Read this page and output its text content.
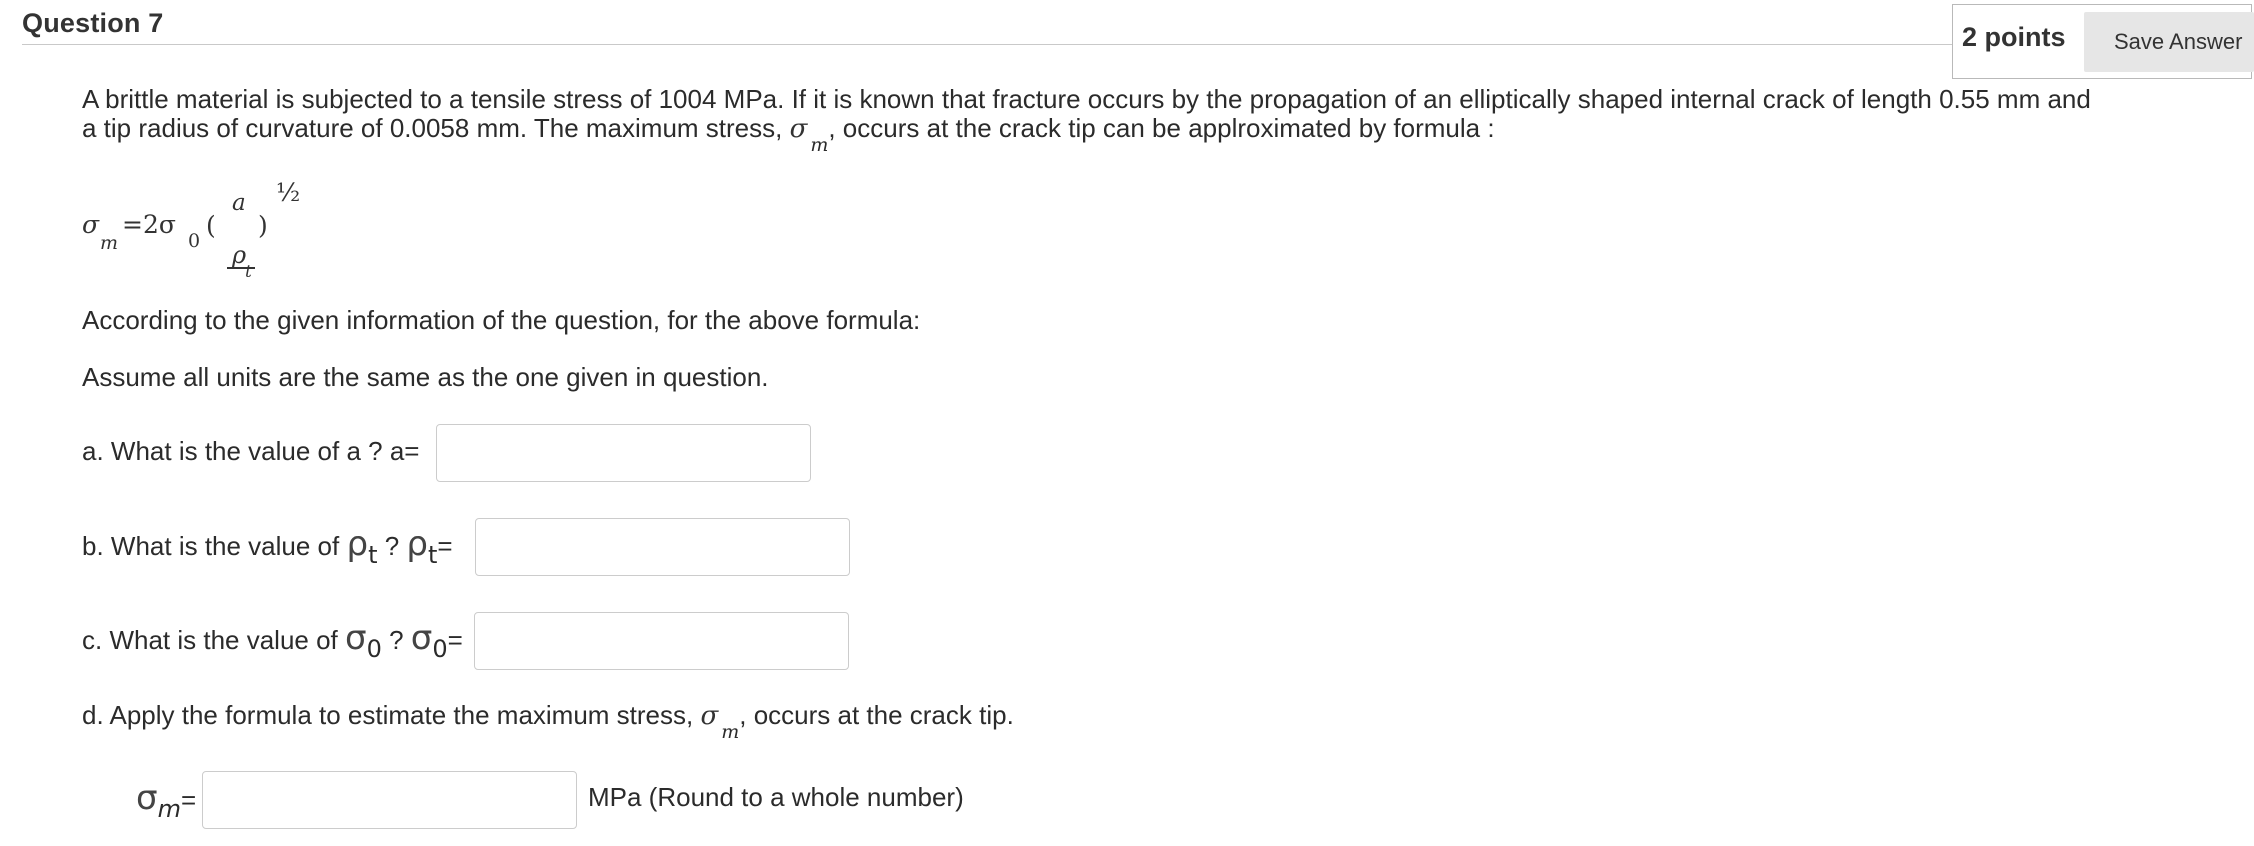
Question 7	2 points	Save Answer
A brittle material is subjected to a tensile stress of 1004 MPa. If it is known that fracture occurs by the propagation of an elliptically shaped internal crack of length 0.55 mm and
a tip radius of curvature of 0.0058 mm. The maximum stress, $\sigma_m$, occurs at the crack tip can be applroximated by formula :
σ
m
=2σ
0
(
a
ρ
t
)
½
According to the given information of the question, for the above formula:
Assume all units are the same as the one given in question.
a. What is the value of a ? a=
b. What is the value of ρt ? ρt=
c. What is the value of σ0 ? σ0=
d. Apply the formula to estimate the maximum stress, $\sigma_m$, occurs at the crack tip.
σm=	MPa (Round to a whole number)
